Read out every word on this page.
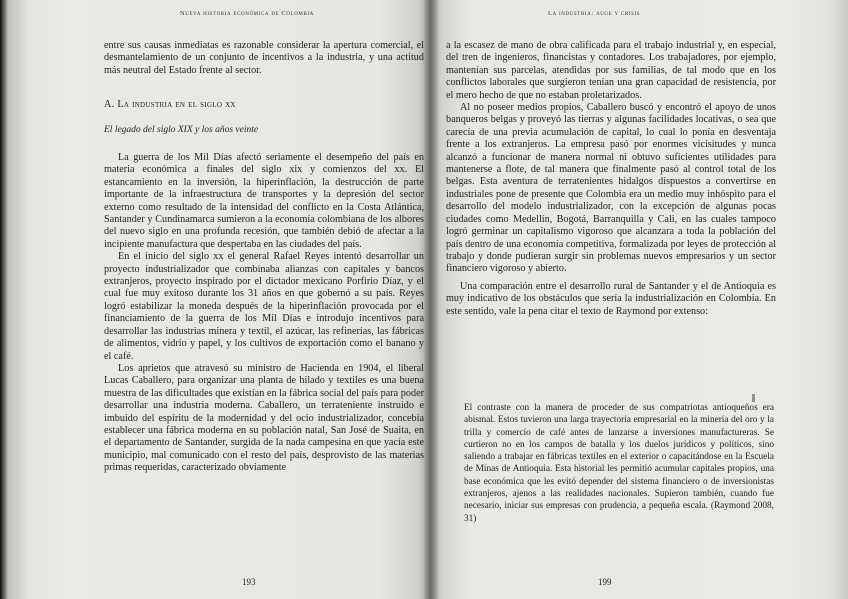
Nueva historia económica de Colombia

entre sus causas inmediatas es razonable considerar la apertura comercial, el desmantelamiento de un conjunto de incentivos a la industria, y una actitud más neutral del Estado frente al sector.

A. La industria en el siglo xx

El legado del siglo XIX y los años veinte

La guerra de los Mil Días afectó seriamente el desempeño del país en materia económica a finales del siglo xix y comienzos del xx. El estancamiento en la inversión, la hiperinflación, la destrucción de parte importante de la infraestructura de transportes y la depresión del sector externo como resultado de la intensidad del conflicto en la Costa Atlántica, Santander y Cundinamarca sumieron a la economía colombiana de los albores del nuevo siglo en una profunda recesión, que también debió de afectar a la incipiente manufactura que despertaba en las ciudades del país.

En el inicio del siglo xx el general Rafael Reyes intentó desarrollar un proyecto industrializador que combinaba alianzas con capitales y bancos extranjeros, proyecto inspirado por el dictador mexicano Porfirio Díaz, y el cual fue muy exitoso durante los 31 años en que gobernó a su país. Reyes logró estabilizar la moneda después de la hiperinflación provocada por el financiamiento de la guerra de los Mil Días e introdujo incentivos para desarrollar las industrias minera y textil, el azúcar, las refinerías, las fábricas de alimentos, vidrio y papel, y los cultivos de exportación como el banano y el café.

Los aprietos que atravesó su ministro de Hacienda en 1904, el liberal Lucas Caballero, para organizar una planta de hilado y textiles es una buena muestra de las dificultades que existían en la fábrica social del país para poder desarrollar una industria moderna. Caballero, un terrateniente instruido e imbuido del espíritu de la modernidad y del ocio industrializador, concebía establecer una fábrica moderna en su población natal, San José de Suaita, en el departamento de Santander, surgida de la nada campesina en que yacía este municipio, mal comunicado con el resto del país, desprovisto de las materias primas requeridas, caracterizado obviamente

193
La industria: auge y crisis

a la escasez de mano de obra calificada para el trabajo industrial y, en especial, del tren de ingenieros, financistas y contadores. Los trabajadores, por ejemplo, mantenían sus parcelas, atendidas por sus familias, de tal modo que en los conflictos laborales que surgieron tenían una gran capacidad de resistencia, por el mero hecho de que no estaban proletarizados.

Al no poseer medios propios, Caballero buscó y encontró el apoyo de unos banqueros belgas y proveyó las tierras y algunas facilidades locativas, o sea que carecía de una previa acumulación de capital, lo cual lo ponía en desventaja frente a los extranjeros. La empresa pasó por enormes vicisitudes y nunca alcanzó a funcionar de manera normal ni obtuvo suficientes utilidades para mantenerse a flote, de tal manera que finalmente pasó al control total de los belgas. Esta aventura de terratenientes hidalgos dispuestos a convertirse en industriales pone de presente que Colombia era un medio muy inhóspito para el desarrollo del modelo industrializador, con la excepción de algunas pocas ciudades como Medellín, Bogotá, Barranquilla y Cali, en las cuales tampoco logró germinar un capitalismo vigoroso que alcanzara a toda la población del país dentro de una economía competitiva, formalizada por leyes de protección al trabajo y donde pudieran surgir sin problemas nuevos empresarios y un sector financiero vigoroso y abierto.

Una comparación entre el desarrollo rural de Santander y el de Antioquia es muy indicativo de los obstáculos que sería la industrialización en Colombia. En este sentido, vale la pena citar el texto de Raymond por extenso:

El contraste con la manera de proceder de sus compatriotas antioqueños era abismal. Estos tuvieron una larga trayectoria empresarial en la minería del oro y la trilla y comercio de café antes de lanzarse a inversiones manufactureras. Se curtieron no en los campos de batalla y los duelos jurídicos y políticos, sino saliendo a trabajar en fábricas textiles en el exterior o capacitándose en la Escuela de Minas de Antioquia. Esta historial les permitió acumular capitales propios, una base económica que les evitó depender del sistema financiero o de inversionistas extranjeros, ajenos a las realidades nacionales. Supieron también, cuando fue necesario, iniciar sus empresas con prudencia, a pequeña escala. (Raymond 2008, 31)
199
